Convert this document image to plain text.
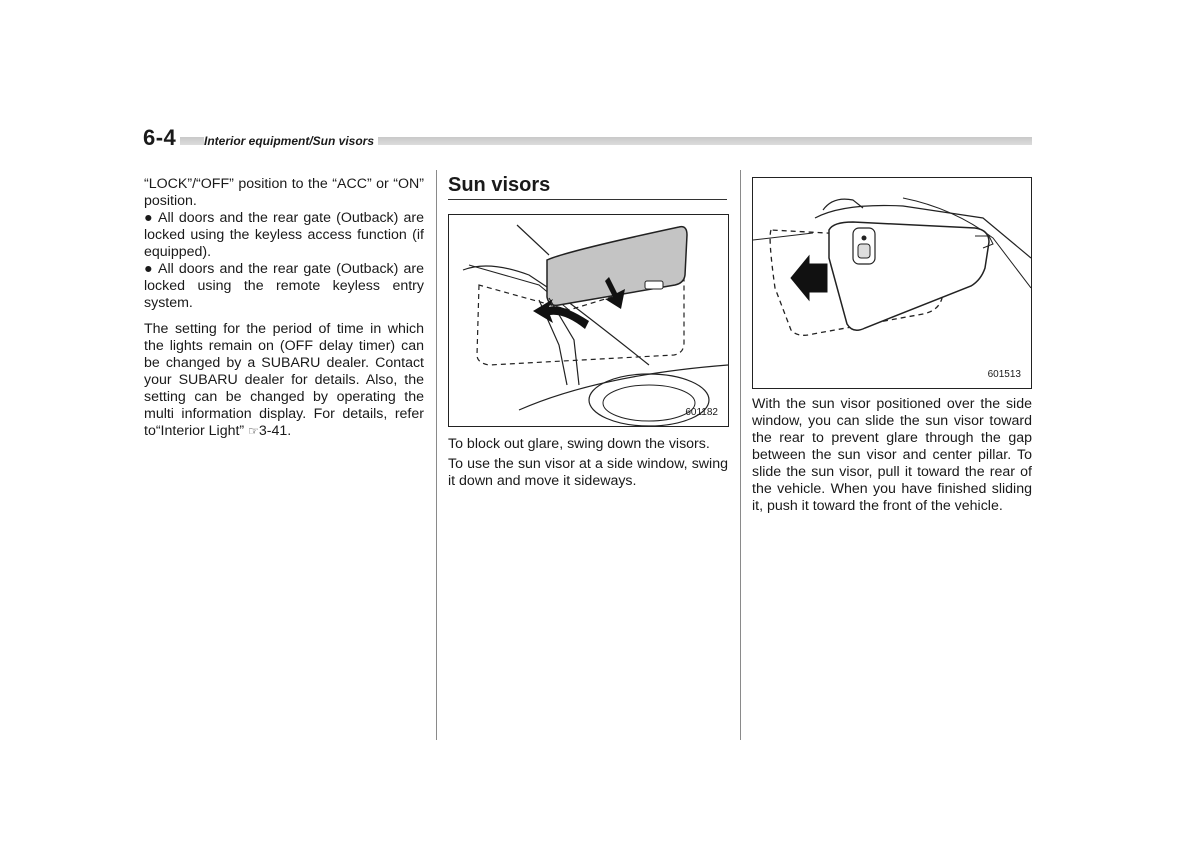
6-4 Interior equipment/Sun visors

“LOCK”/“OFF” position to the “ACC” or “ON” position.

● All doors and the rear gate (Outback) are locked using the keyless access function (if equipped).

● All doors and the rear gate (Outback) are locked using the remote keyless entry system.

The setting for the period of time in which the lights remain on (OFF delay timer) can be changed by a SUBARU dealer. Contact your SUBARU dealer for details. Also, the setting can be changed by operating the multi information display. For details, refer to“Interior Light” ☞3-41.

Sun visors
601182

To block out glare, swing down the visors.

To use the sun visor at a side window, swing it down and move it sideways.

601513

With the sun visor positioned over the side window, you can slide the sun visor toward the rear to prevent glare through the gap between the sun visor and center pillar. To slide the sun visor, pull it toward the rear of the vehicle. When you have finished sliding it, push it toward the front of the vehicle.
